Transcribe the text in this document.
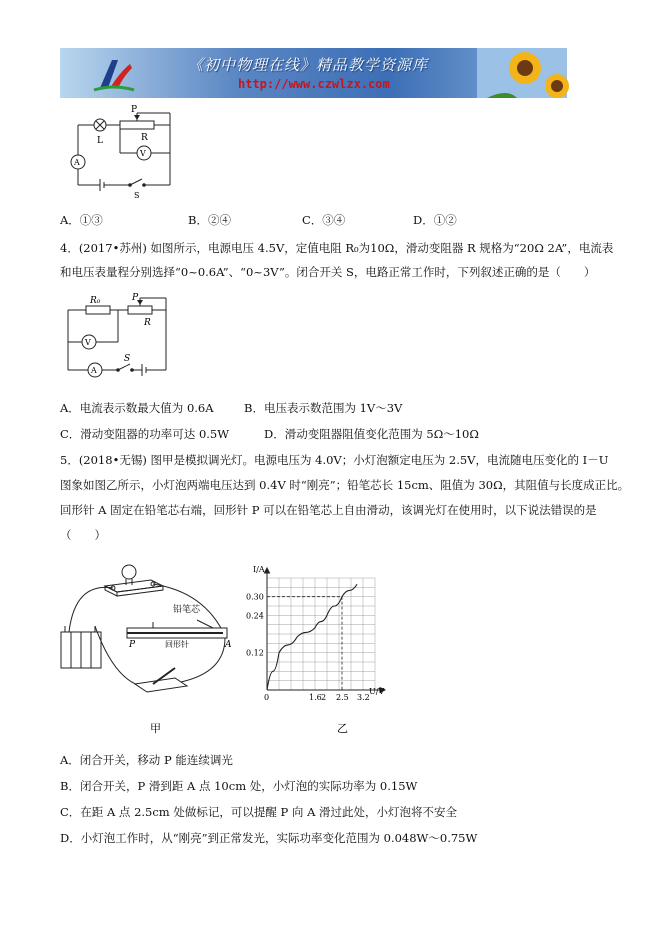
《初中物理在线》精品教学资源库
http://www.czwlzx.com
P
R
L
V
A
S
A．①③	B．②④	C．③④	D．①②
4．(2017•苏州) 如图所示，电源电压 4.5V，定值电阻 R₀为10Ω，滑动变阻器 R 规格为“20Ω 2A”，电流表
和电压表量程分别选择“0~0.6A”、“0~3V”。闭合开关 S，电路正常工作时，下列叙述正确的是（　　）
R₀	P
R
V
A
S
A．电流表示数最大值为 0.6A	B．电压表示数范围为 1V～3V
C．滑动变阻器的功率可达 0.5W	D．滑动变阻器阻值变化范围为 5Ω～10Ω
5．(2018•无锡) 图甲是模拟调光灯。电源电压为 4.0V；小灯泡额定电压为 2.5V，电流随电压变化的 I－U
图象如图乙所示，小灯泡两端电压达到 0.4V 时“刚亮”；铅笔芯长 15cm、阻值为 30Ω，其阻值与长度成正比。
回形针 A 固定在铅笔芯右端，回形针 P 可以在铅笔芯上自由滑动，该调光灯在使用时，以下说法错误的是
（　　）
铅笔芯
回形针
P	A
甲
0	1.6 2 2.5 3.2
0.12
0.24
0.30
I/A
U/V
乙
A．闭合开关，移动 P 能连续调光
B．闭合开关，P 滑到距 A 点 10cm 处，小灯泡的实际功率为 0.15W
C．在距 A 点 2.5cm 处做标记，可以提醒 P 向 A 滑过此处，小灯泡将不安全
D．小灯泡工作时，从“刚亮”到正常发光，实际功率变化范围为 0.048W～0.75W
